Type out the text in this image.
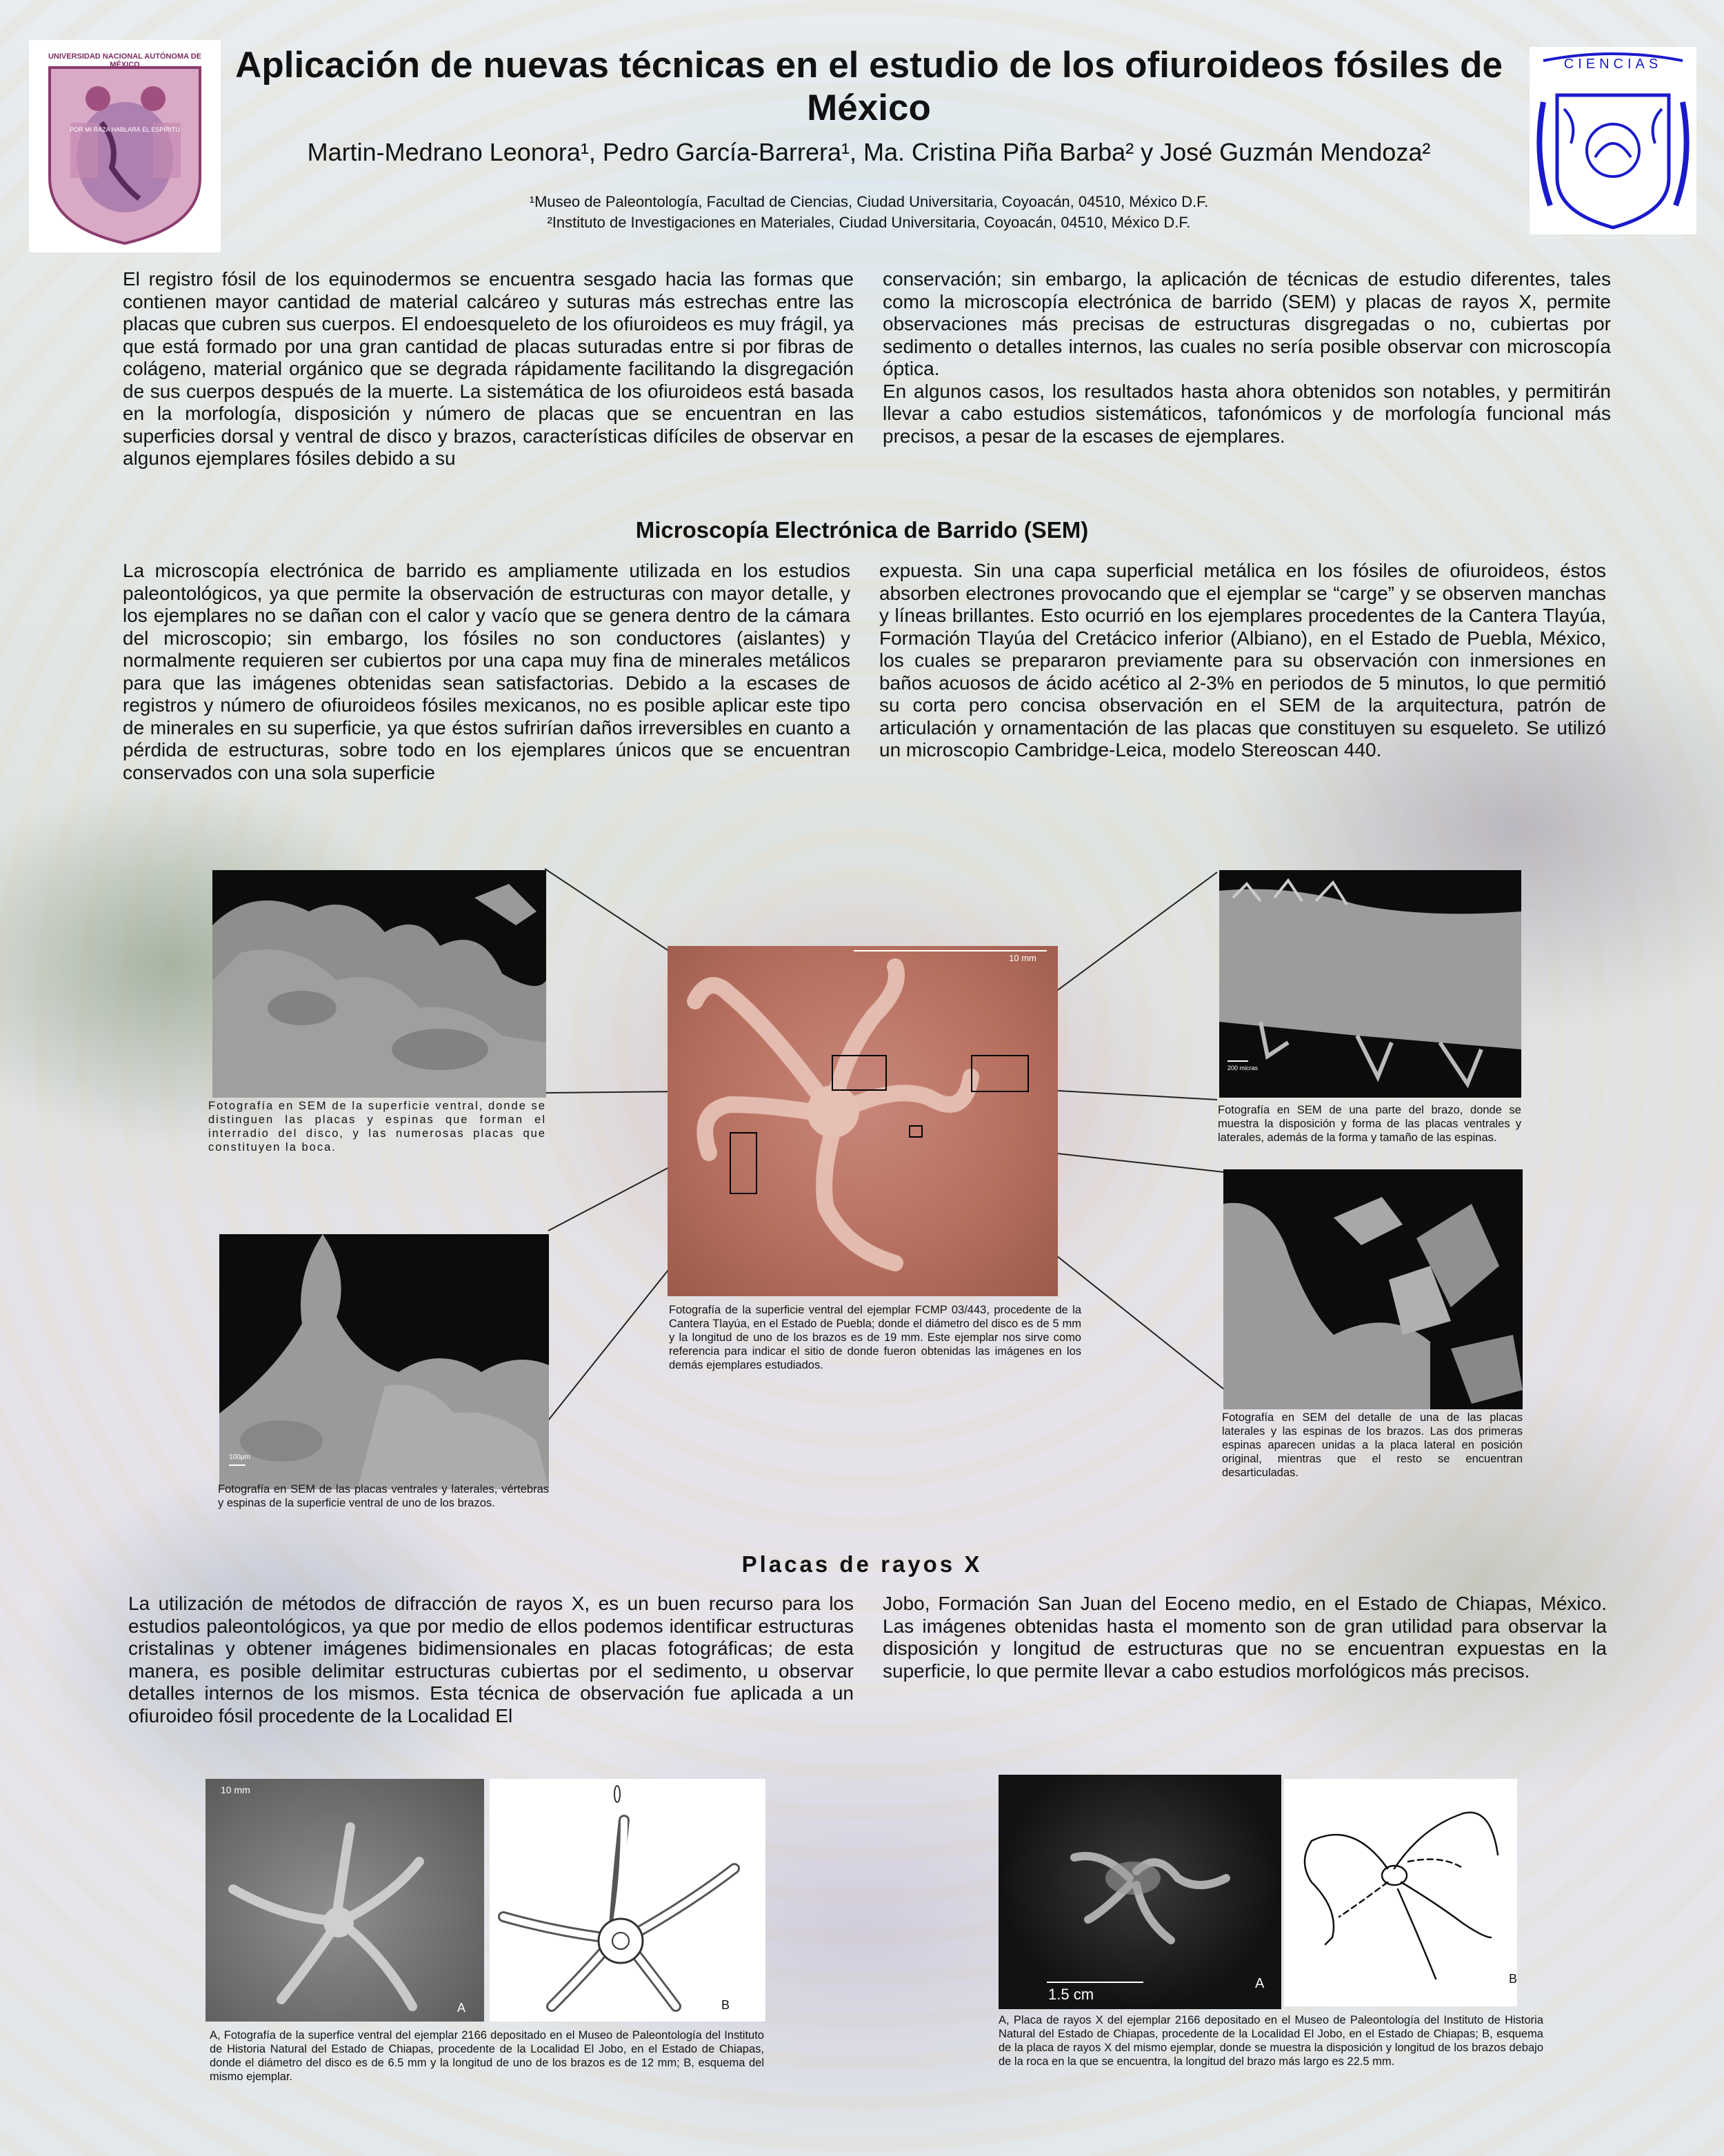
UNIVERSIDAD NACIONAL AUTÓNOMA DE MÉXICO
POR MI RAZA HABLARÁ EL ESPÍRITU
CIENCIAS
Aplicación de nuevas técnicas en el estudio de los ofiuroideos fósiles de México
Martin-Medrano Leonora¹, Pedro García-Barrera¹, Ma. Cristina Piña Barba² y José Guzmán Mendoza²
¹Museo de Paleontología, Facultad de Ciencias, Ciudad Universitaria, Coyoacán, 04510, México D.F.
²Instituto de Investigaciones en Materiales, Ciudad Universitaria, Coyoacán, 04510, México D.F.

El registro fósil de los equinodermos se encuentra sesgado hacia las formas que contienen mayor cantidad de material calcáreo y suturas más estrechas entre las placas que cubren sus cuerpos. El endoesqueleto de los ofiuroideos es muy frágil, ya que está formado por una gran cantidad de placas suturadas entre si por fibras de colágeno, material orgánico que se degrada rápidamente facilitando la disgregación de sus cuerpos después de la muerte. La sistemática de los ofiuroideos está basada en la morfología, disposición y número de placas que se encuentran en las superficies dorsal y ventral de disco y brazos, características difíciles de observar en algunos ejemplares fósiles debido a su

conservación; sin embargo, la aplicación de técnicas de estudio diferentes, tales como la microscopía electrónica de barrido (SEM) y placas de rayos X, permite observaciones más precisas de estructuras disgregadas o no, cubiertas por sedimento o detalles internos, las cuales no sería posible observar con microscopía óptica.

En algunos casos, los resultados hasta ahora obtenidos son notables, y permitirán llevar a cabo estudios sistemáticos, tafonómicos y de morfología funcional más precisos, a pesar de la escases de ejemplares.

Microscopía Electrónica de Barrido (SEM)

La microscopía electrónica de barrido es ampliamente utilizada en los estudios paleontológicos, ya que permite la observación de estructuras con mayor detalle, y los ejemplares no se dañan con el calor y vacío que se genera dentro de la cámara del microscopio; sin embargo, los fósiles no son conductores (aislantes) y normalmente requieren ser cubiertos por una capa muy fina de minerales metálicos para que las imágenes obtenidas sean satisfactorias. Debido a la escases de registros y número de ofiuroideos fósiles mexicanos, no es posible aplicar este tipo de minerales en su superficie, ya que éstos sufrirían daños irreversibles en cuanto a pérdida de estructuras, sobre todo en los ejemplares únicos que se encuentran conservados con una sola superficie

expuesta. Sin una capa superficial metálica en los fósiles de ofiuroideos, éstos absorben electrones provocando que el ejemplar se “carge” y se observen manchas y líneas brillantes. Esto ocurrió en los ejemplares procedentes de la Cantera Tlayúa, Formación Tlayúa del Cretácico inferior (Albiano), en el Estado de Puebla, México, los cuales se prepararon previamente para su observación con inmersiones en baños acuosos de ácido acético al 2-3% en periodos de 5 minutos, lo que permitió su corta pero concisa observación en el SEM de la arquitectura, patrón de articulación y ornamentación de las placas que constituyen su esqueleto. Se utilizó un microscopio Cambridge-Leica, modelo Stereoscan 440.

Fotografía en SEM de la superficie ventral, donde se distinguen las placas y espinas que forman el interradio del disco, y las numerosas placas que constituyen la boca.

100μm

Fotografía en SEM de las placas ventrales y laterales, vértebras y espinas de la superficie ventral de uno de los brazos.

10 mm

Fotografía de la superficie ventral del ejemplar FCMP 03/443, procedente de la Cantera Tlayúa, en el Estado de Puebla; donde el diámetro del disco es de 5 mm y la longitud de uno de los brazos es de 19 mm. Este ejemplar nos sirve como referencia para indicar el sitio de donde fueron obtenidas las imágenes en los demás ejemplares estudiados.

200 micras

Fotografía en SEM de una parte del brazo, donde se muestra la disposición y forma de las placas ventrales y laterales, además de la forma y tamaño de las espinas.

Fotografía en SEM del detalle de una de las placas laterales y las espinas de los brazos. Las dos primeras espinas aparecen unidas a la placa lateral en posición original, mientras que el resto se encuentran desarticuladas.

Placas de rayos X

La utilización de métodos de difracción de rayos X, es un buen recurso para los estudios paleontológicos, ya que por medio de ellos podemos identificar estructuras cristalinas y obtener imágenes bidimensionales en placas fotográficas; de esta manera, es posible delimitar estructuras cubiertas por el sedimento, u observar detalles internos de los mismos. Esta técnica de observación fue aplicada a un ofiuroideo fósil procedente de la Localidad El

Jobo, Formación San Juan del Eoceno medio, en el Estado de Chiapas, México. Las imágenes obtenidas hasta el momento son de gran utilidad para observar la disposición y longitud de estructuras que no se encuentran expuestas en la superficie, lo que permite llevar a cabo estudios morfológicos más precisos.

10 mm
A	B

A, Fotografía de la superfice ventral del ejemplar 2166 depositado en el Museo de Paleontología del Instituto de Historia Natural del Estado de Chiapas, procedente de la Localidad El Jobo, en el Estado de Chiapas, donde el diámetro del disco es de 6.5 mm y la longitud de uno de los brazos es de 12 mm; B, esquema del mismo ejemplar.

1.5 cm
A	B

A, Placa de rayos X del ejemplar 2166 depositado en el Museo de Paleontología del Instituto de Historia Natural del Estado de Chiapas, procedente de la Localidad El Jobo, en el Estado de Chiapas; B, esquema de la placa de rayos X del mismo ejemplar, donde se muestra la disposición y longitud de los brazos debajo de la roca en la que se encuentra, la longitud del brazo más largo es 22.5 mm.
